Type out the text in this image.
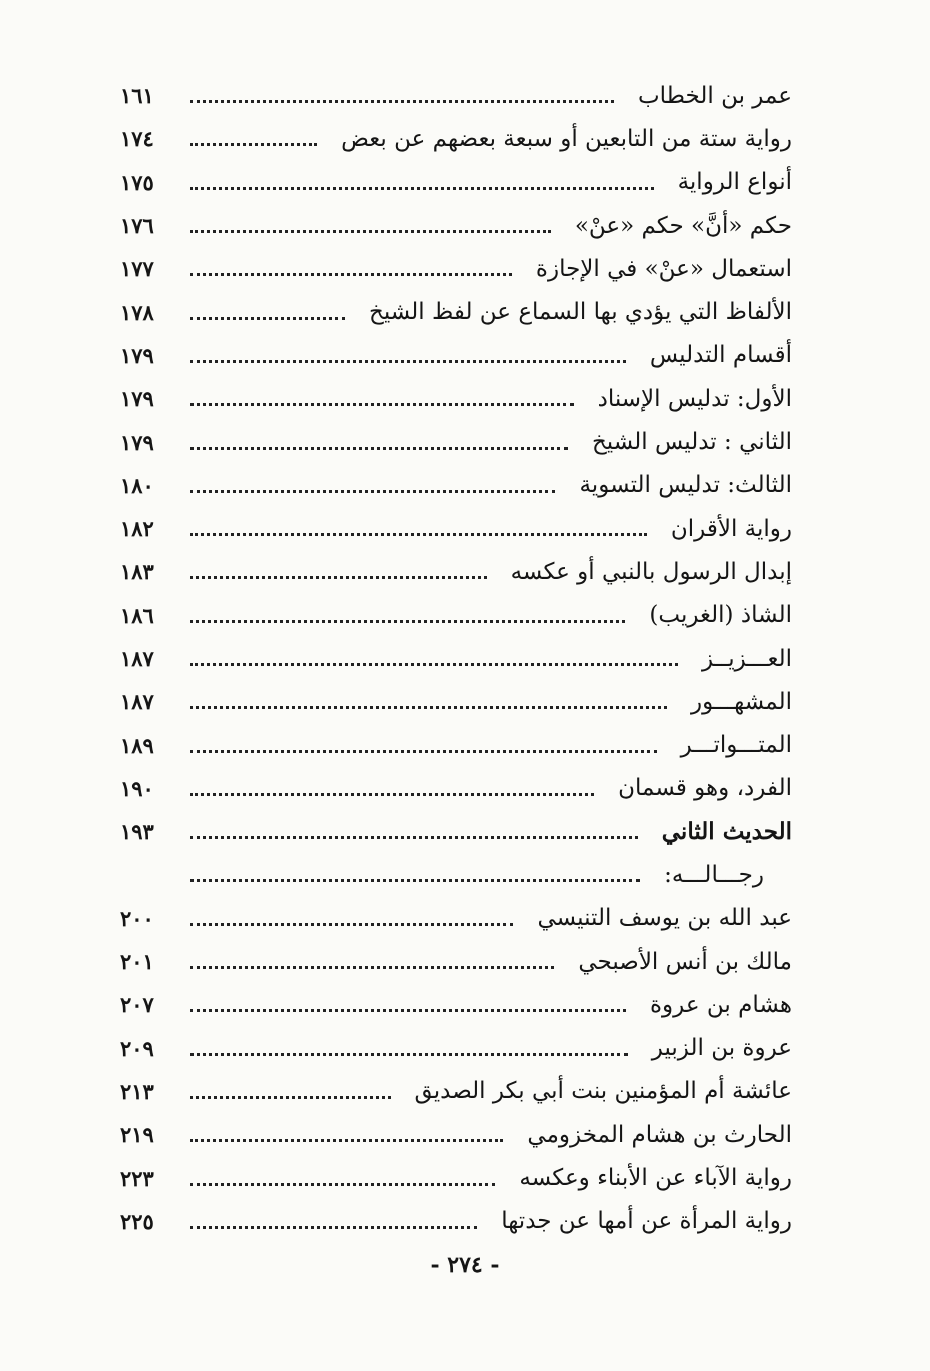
عمر بن الخطاب
١٦١
رواية ستة من التابعين أو سبعة بعضهم عن بعض
١٧٤
أنواع الرواية
١٧٥
حكم «أنَّ» حكم «عنْ»
١٧٦
استعمال «عنْ» في الإجازة
١٧٧
الألفاظ التي يؤدي بها السماع عن لفظ الشيخ
١٧٨
أقسام التدليس
١٧٩
الأول: تدليس الإسناد
١٧٩
الثاني : تدليس الشيخ
١٧٩
الثالث: تدليس التسوية
١٨٠
رواية الأقران
١٨٢
إبدال الرسول بالنبي أو عكسه
١٨٣
الشاذ (الغريب)
١٨٦
العـــزيــز
١٨٧
المشهـــور
١٨٧
المتـــواتـــر
١٨٩
الفرد، وهو قسمان
١٩٠
الحديث الثاني
١٩٣
رجـــالـــه:
عبد الله بن يوسف التنيسي
٢٠٠
مالك بن أنس الأصبحي
٢٠١
هشام بن عروة
٢٠٧
عروة بن الزبير
٢٠٩
عائشة أم المؤمنين بنت أبي بكر الصديق
٢١٣
الحارث بن هشام المخزومي
٢١٩
رواية الآباء عن الأبناء وعكسه
٢٢٣
رواية المرأة عن أمها عن جدتها
٢٢٥
- ٢٧٤ -
